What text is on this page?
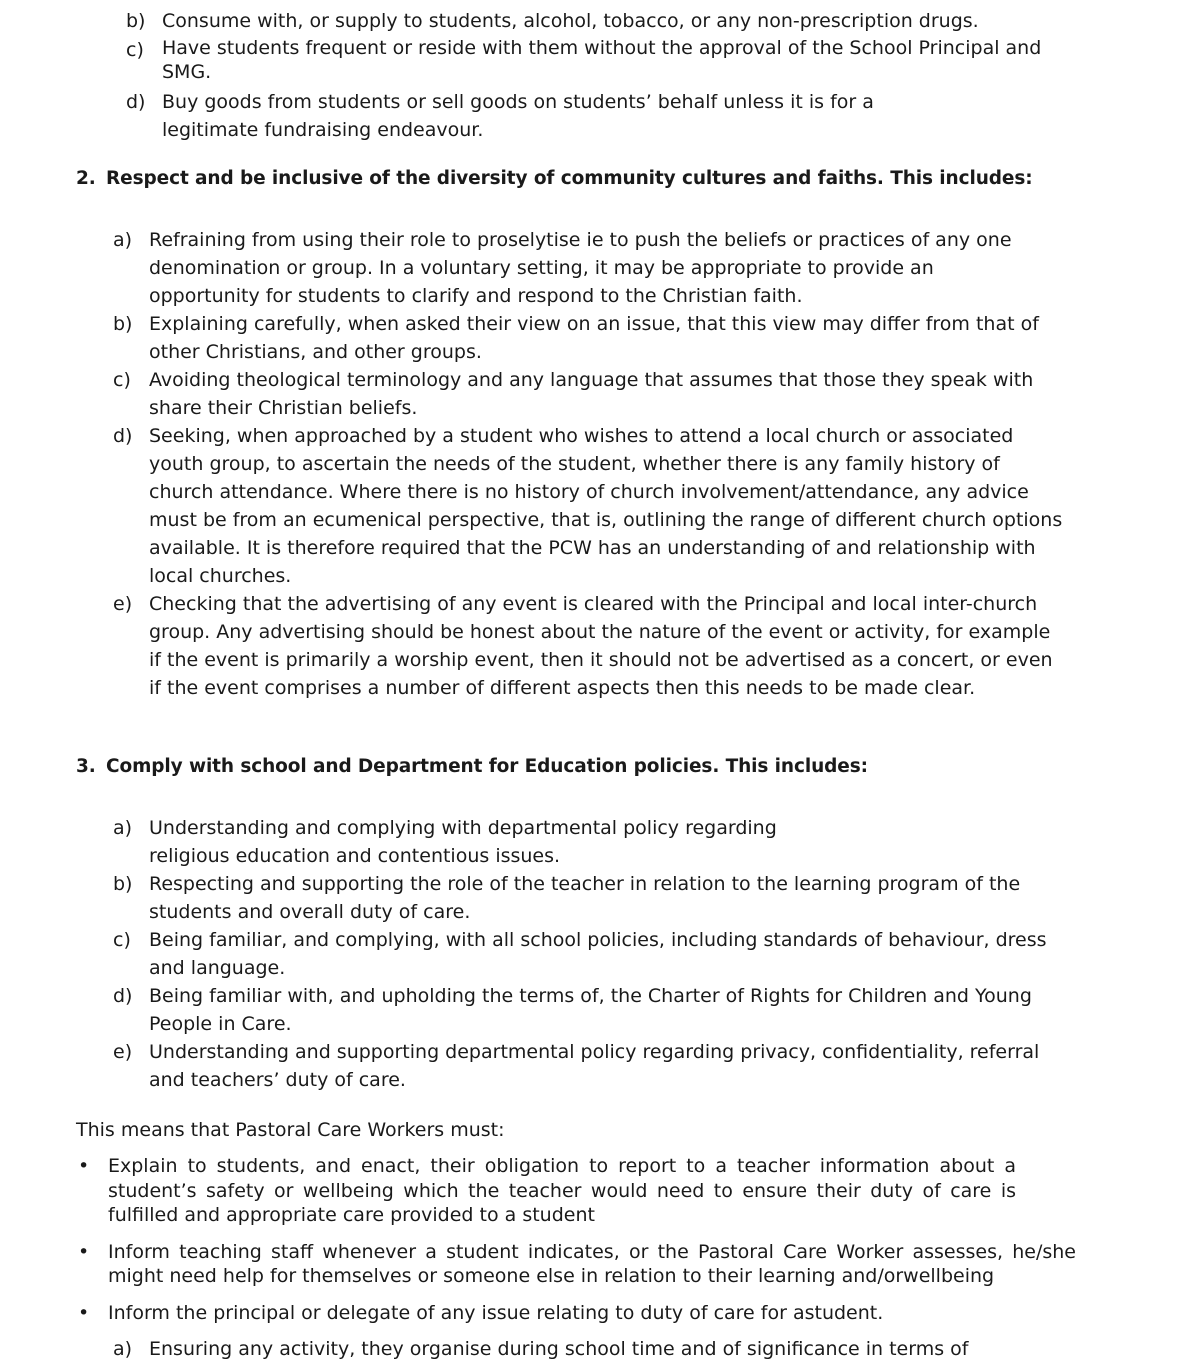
b) Consume with, or supply to students, alcohol, tobacco, or any non-prescription drugs.
c) Have students frequent or reside with them without the approval of the School Principal and SMG.
d) Buy goods from students or sell goods on students’ behalf unless it is for a legitimate fundraising endeavour.
2. Respect and be inclusive of the diversity of community cultures and faiths. This includes:
a) Refraining from using their role to proselytise ie to push the beliefs or practices of any one denomination or group. In a voluntary setting, it may be appropriate to provide an opportunity for students to clarify and respond to the Christian faith.
b) Explaining carefully, when asked their view on an issue, that this view may differ from that of other Christians, and other groups.
c) Avoiding theological terminology and any language that assumes that those they speak with share their Christian beliefs.
d) Seeking, when approached by a student who wishes to attend a local church or associated youth group, to ascertain the needs of the student, whether there is any family history of church attendance. Where there is no history of church involvement/attendance, any advice must be from an ecumenical perspective, that is, outlining the range of different church options available. It is therefore required that the PCW has an understanding of and relationship with local churches.
e) Checking that the advertising of any event is cleared with the Principal and local inter-church group. Any advertising should be honest about the nature of the event or activity, for example if the event is primarily a worship event, then it should not be advertised as a concert, or even if the event comprises a number of different aspects then this needs to be made clear.
3. Comply with school and Department for Education policies. This includes:
a) Understanding and complying with departmental policy regarding religious education and contentious issues.
b) Respecting and supporting the role of the teacher in relation to the learning program of the students and overall duty of care.
c) Being familiar, and complying, with all school policies, including standards of behaviour, dress and language.
d) Being familiar with, and upholding the terms of, the Charter of Rights for Children and Young People in Care.
e) Understanding and supporting departmental policy regarding privacy, confidentiality, referral and teachers’ duty of care.
This means that Pastoral Care Workers must:
• Explain to students, and enact, their obligation to report to a teacher information about a student’s safety or wellbeing which the teacher would need to ensure their duty of care is fulfilled and appropriate care provided to a student
• Inform teaching staff whenever a student indicates, or the Pastoral Care Worker assesses, he/she might need help for themselves or someone else in relation to their learning and/orwellbeing
• Inform the principal or delegate of any issue relating to duty of care for astudent.
a) Ensuring any activity, they organise during school time and of significance in terms of
